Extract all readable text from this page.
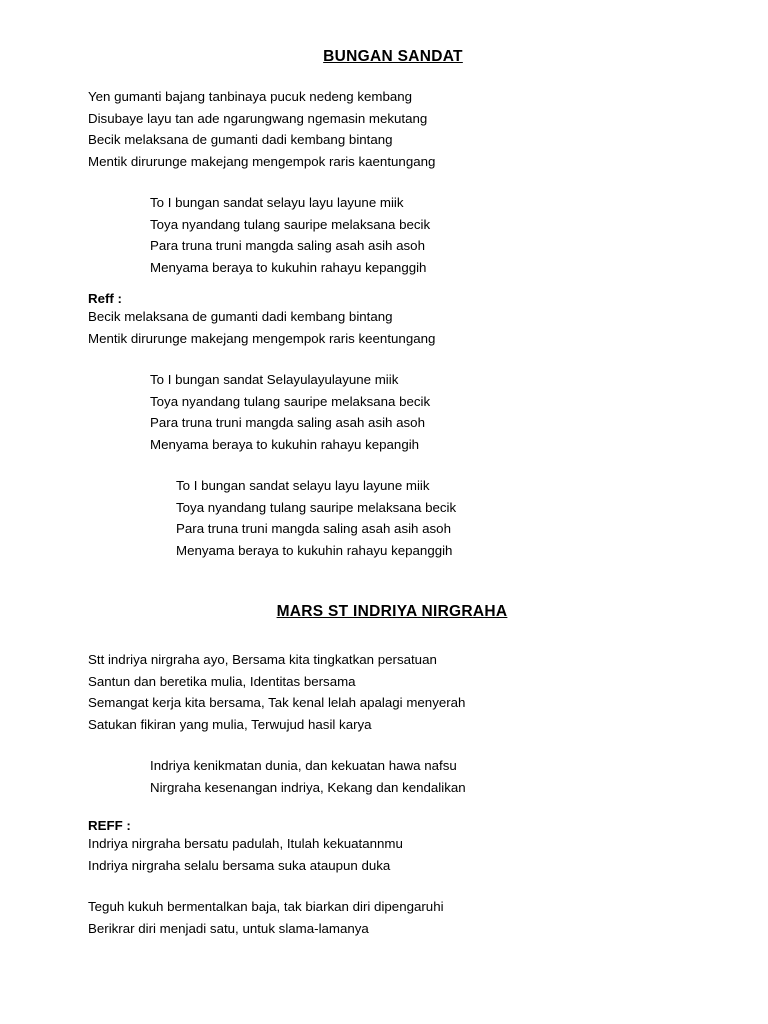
BUNGAN SANDAT
Yen gumanti bajang tanbinaya pucuk nedeng kembang
Disubaye layu tan ade ngarungwang ngemasin mekutang
Becik melaksana de gumanti dadi kembang bintang
Mentik dirurunge makejang mengempok raris kaentungang
To I bungan sandat selayu layu layune miik
Toya nyandang tulang sauripe melaksana becik
Para truna truni mangda saling asah asih asoh
Menyama beraya to kukuhin rahayu kepanggih
Reff :
Becik melaksana de gumanti dadi kembang bintang
Mentik dirurunge makejang mengempok raris keentungang
To I bungan sandat Selayulayulayune miik
Toya nyandang tulang sauripe melaksana becik
Para truna truni mangda saling asah asih asoh
Menyama beraya to kukuhin rahayu kepangih
To I bungan sandat selayu layu layune miik
Toya nyandang tulang sauripe melaksana becik
Para truna truni mangda saling asah asih asoh
Menyama beraya to kukuhin rahayu kepanggih
MARS ST INDRIYA NIRGRAHA
Stt indriya nirgraha ayo, Bersama kita tingkatkan persatuan
Santun dan beretika mulia, Identitas bersama
Semangat kerja kita bersama, Tak kenal lelah apalagi menyerah
Satukan fikiran yang mulia, Terwujud hasil karya
Indriya kenikmatan dunia, dan kekuatan hawa nafsu
Nirgraha kesenangan indriya, Kekang dan kendalikan
REFF :
Indriya nirgraha bersatu padulah, Itulah kekuatannmu
Indriya nirgraha selalu bersama suka ataupun duka
Teguh kukuh bermentalkan baja, tak biarkan diri dipengaruhi
Berikrar diri menjadi satu, untuk slama-lamanya
